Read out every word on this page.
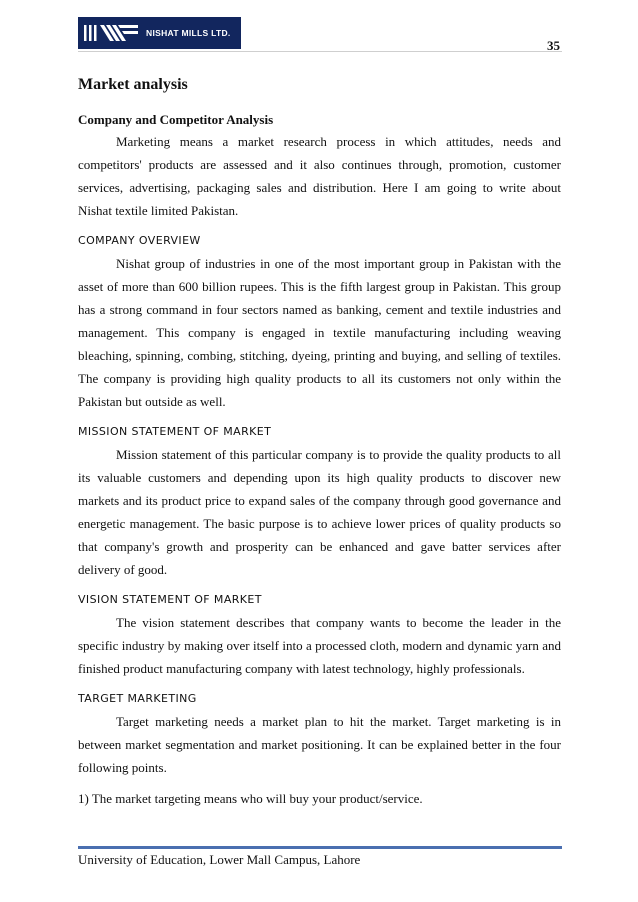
NISHAT MILLS LTD.
35
Market analysis
Company and Competitor Analysis

Marketing means a market research process in which attitudes, needs and competitors' products are assessed and it also continues through, promotion, customer services, advertising, packaging sales and distribution. Here I am going to write about Nishat textile limited Pakistan.

COMPANY OVERVIEW

Nishat group of industries in one of the most important group in Pakistan with the asset of more than 600 billion rupees. This is the fifth largest group in Pakistan. This group has a strong command in four sectors named as banking, cement and textile industries and management. This company is engaged in textile manufacturing including weaving bleaching, spinning, combing, stitching, dyeing, printing and buying, and selling of textiles. The company is providing high quality products to all its customers not only within the Pakistan but outside as well.

MISSION STATEMENT OF MARKET

Mission statement of this particular company is to provide the quality products to all its valuable customers and depending upon its high quality products to discover new markets and its product price to expand sales of the company through good governance and energetic management. The basic purpose is to achieve lower prices of quality products so that company's growth and prosperity can be enhanced and gave batter services after delivery of good.

VISION STATEMENT OF MARKET

The vision statement describes that company wants to become the leader in the specific industry by making over itself into a processed cloth, modern and dynamic yarn and finished product manufacturing company with latest technology, highly professionals.

TARGET MARKETING

Target marketing needs a market plan to hit the market. Target marketing is in between market segmentation and market positioning. It can be explained better in the four following points.

1) The market targeting means who will buy your product/service.

University of Education, Lower Mall Campus, Lahore
